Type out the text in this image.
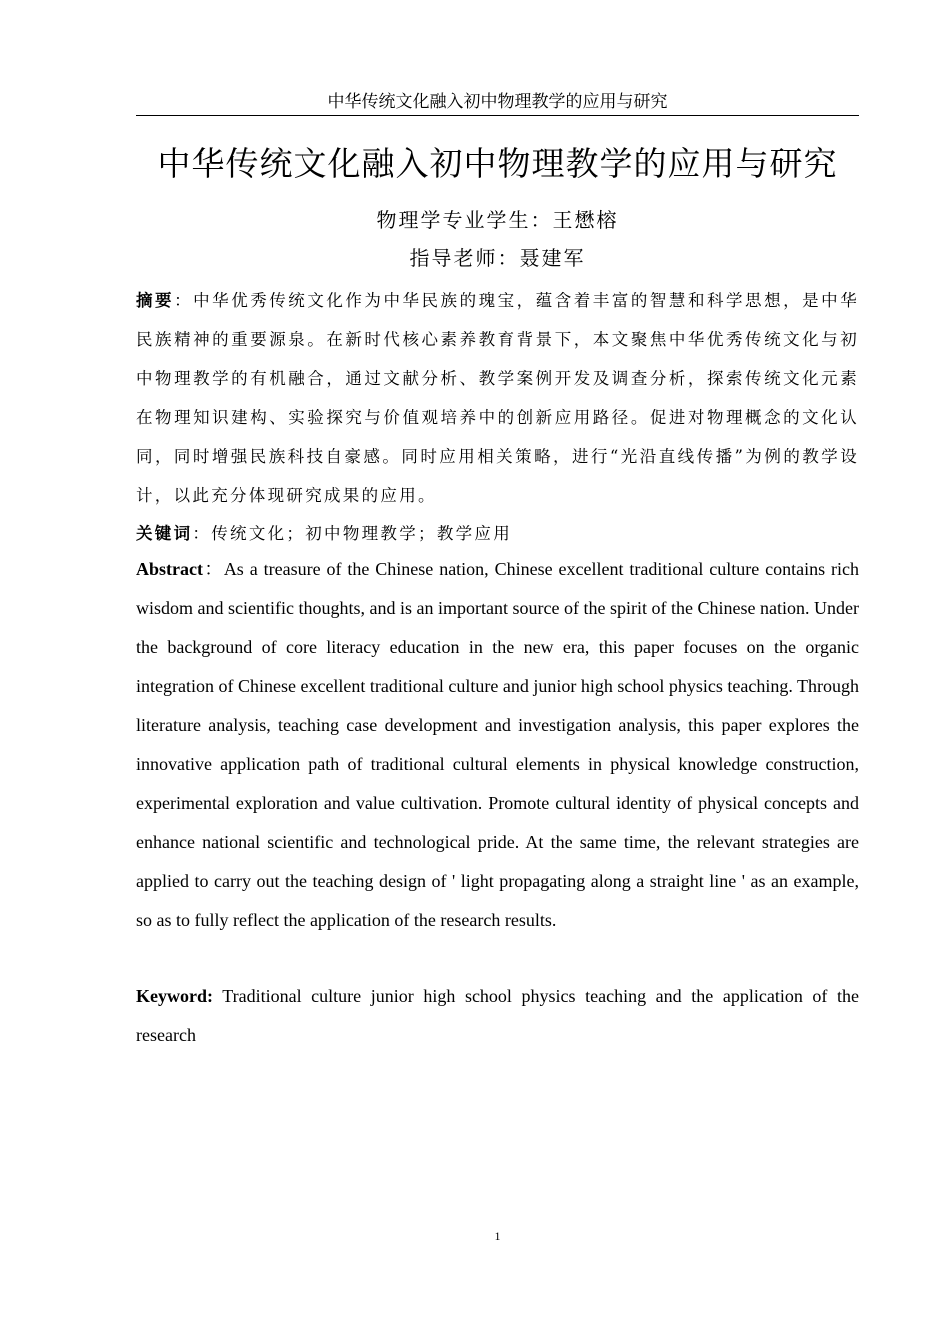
中华传统文化融入初中物理教学的应用与研究
中华传统文化融入初中物理教学的应用与研究
物理学专业学生：王懋榕
指导老师：聂建军

摘要：中华优秀传统文化作为中华民族的瑰宝，蕴含着丰富的智慧和科学思想，是中华民族精神的重要源泉。在新时代核心素养教育背景下，本文聚焦中华优秀传统文化与初中物理教学的有机融合，通过文献分析、教学案例开发及调查分析，探索传统文化元素在物理知识建构、实验探究与价值观培养中的创新应用路径。促进对物理概念的文化认同，同时增强民族科技自豪感。同时应用相关策略，进行“光沿直线传播”为例的教学设计，以此充分体现研究成果的应用。

关键词：传统文化；初中物理教学；教学应用

Abstract：As a treasure of the Chinese nation, Chinese excellent traditional culture contains rich wisdom and scientific thoughts, and is an important source of the spirit of the Chinese nation. Under the background of core literacy education in the new era, this paper focuses on the organic integration of Chinese excellent traditional culture and junior high school physics teaching. Through literature analysis, teaching case development and investigation analysis, this paper explores the innovative application path of traditional cultural elements in physical knowledge construction, experimental exploration and value cultivation. Promote cultural identity of physical concepts and enhance national scientific and technological pride. At the same time, the relevant strategies are applied to carry out the teaching design of ' light propagating along a straight line ' as an example, so as to fully reflect the application of the research results.

Keyword: Traditional culture junior high school physics teaching and the application of the research

1
